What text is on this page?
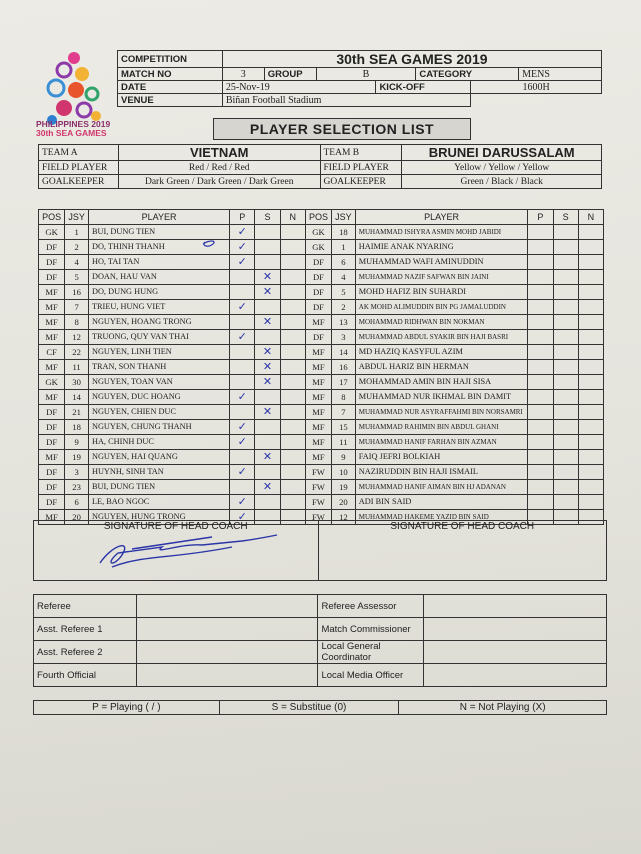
PHILIPPINES 2019
30th SEA GAMES
COMPETITION	30th SEA GAMES 2019						
MATCH NO	3	GROUP	B		CATEGORY		MENS
DATE	25-Nov-19			KICK-OFF		1600H	
VENUE	Biñan Football Stadium						
PLAYER SELECTION LIST
TEAM A	VIETNAM	TEAM B	BRUNEI DARUSSALAM
FIELD PLAYER	Red / Red / Red	FIELD PLAYER	Yellow / Yellow / Yellow
GOALKEEPER	Dark Green / Dark Green / Dark Green	GOALKEEPER	Green / Black / Black
POS	JSY	PLAYER	P	S	N	POS	JSY	PLAYER	P	S	N
GK	1	BUI, DUNG TIEN	✓			GK	18	MUHAMMAD ISHYRA ASMIN MOHD JABIDI			
DF	2	DO, THINH THANH	✓			GK	1	HAIMIE ANAK NYARING			
DF	4	HO, TAI TAN	✓			DF	6	MUHAMMAD WAFI AMINUDDIN			
DF	5	DOAN, HAU VAN		✕		DF	4	MUHAMMAD NAZIF SAFWAN BIN JAINI			
MF	16	DO, DUNG HUNG		✕		DF	5	MOHD HAFIZ BIN SUHARDI			
MF	7	TRIEU, HUNG VIET	✓			DF	2	AK MOHD ALIMUDDIN BIN PG JAMALUDDIN			
MF	8	NGUYEN, HOANG TRONG		✕		MF	13	MOHAMMAD RIDHWAN BIN NOKMAN			
MF	12	TRUONG, QUY VAN THAI	✓			DF	3	MUHAMMAD ABDUL SYAKIR BIN HAJI BASRI			
CF	22	NGUYEN, LINH TIEN		✕		MF	14	MD HAZIQ KASYFUL AZIM			
MF	11	TRAN, SON THANH		✕		MF	16	ABDUL HARIZ BIN HERMAN			
GK	30	NGUYEN, TOAN VAN		✕		MF	17	MOHAMMAD AMIN BIN HAJI SISA			
MF	14	NGUYEN, DUC HOANG	✓			MF	8	MUHAMMAD NUR IKHMAL BIN DAMIT			
DF	21	NGUYEN, CHIEN DUC		✕		MF	7	MUHAMMAD NUR ASYRAFFAHMI BIN NORSAMRI			
DF	18	NGUYEN, CHUNG THANH	✓			MF	15	MUHAMMAD RAHIMIN BIN ABDUL GHANI			
DF	9	HA, CHINH DUC	✓			MF	11	MUHAMMAD HANIF FARHAN BIN AZMAN			
MF	19	NGUYEN, HAI QUANG		✕		MF	9	FAIQ JEFRI BOLKIAH			
DF	3	HUYNH, SINH TAN	✓			FW	10	NAZIRUDDIN BIN HAJI ISMAIL			
DF	23	BUI, DUNG TIEN		✕		FW	19	MUHAMMAD HANIF AIMAN BIN HJ ADANAN			
DF	6	LE, BAO NGOC	✓			FW	20	ADI BIN SAID			
MF	20	NGUYEN, HUNG TRONG	✓			FW	12	MUHAMMAD HAKEME YAZID BIN SAID			
SIGNATURE OF HEAD COACH	SIGNATURE OF HEAD COACH
Referee		Referee Assessor	
Asst. Referee 1		Match Commissioner	
Asst. Referee 2		Local General Coordinator	
Fourth Official		Local Media Officer	
P = Playing ( / )	S = Substitue (0)	N = Not Playing (X)
